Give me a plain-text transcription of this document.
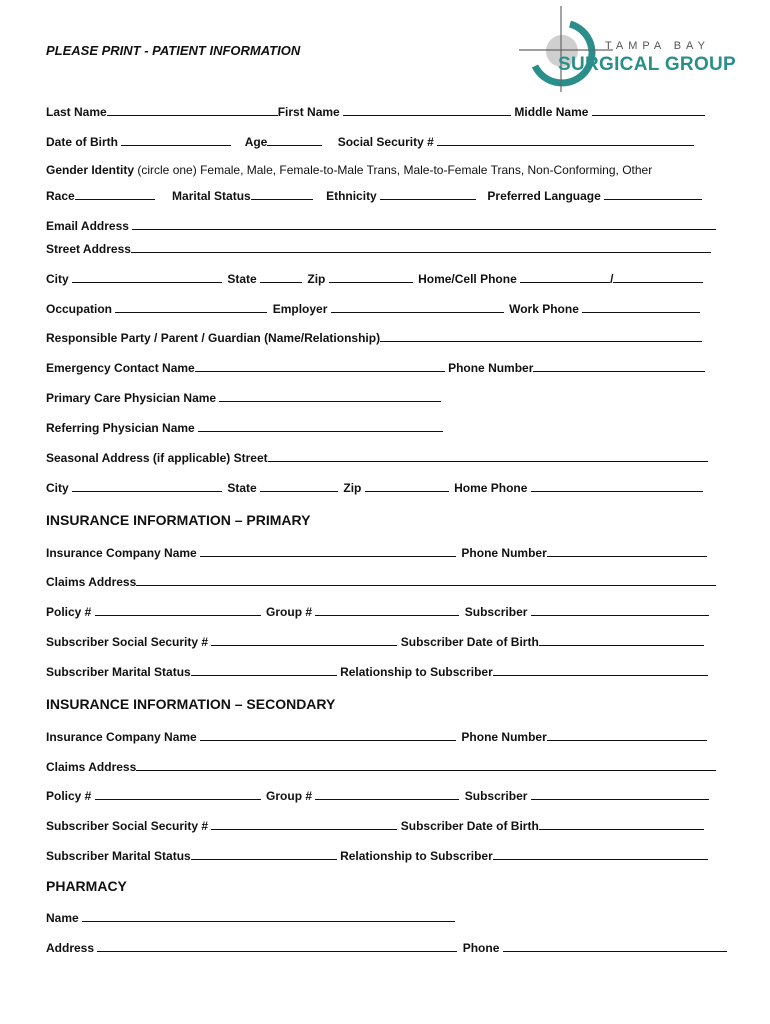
PLEASE PRINT - PATIENT INFORMATION	TAMPA BAY
SURGICAL GROUP
Last Name	First Name	Middle Name
Date of Birth	Age	Social Security #
Gender Identity (circle one) Female, Male, Female-to-Male Trans, Male-to-Female Trans, Non-Conforming, Other
Race	Marital Status	Ethnicity	Preferred Language
Email Address
Street Address
City	State	Zip	Home/Cell Phone	/
Occupation	Employer	Work Phone
Responsible Party / Parent / Guardian (Name/Relationship)
Emergency Contact Name	Phone Number
Primary Care Physician Name
Referring Physician Name
Seasonal Address (if applicable) Street
City	State	Zip	Home Phone
INSURANCE INFORMATION – PRIMARY
Insurance Company Name	Phone Number
Claims Address
Policy #	Group #	Subscriber
Subscriber Social Security #	Subscriber Date of Birth
Subscriber Marital Status	Relationship to Subscriber
INSURANCE INFORMATION – SECONDARY
Insurance Company Name	Phone Number
Claims Address
Policy #	Group #	Subscriber
Subscriber Social Security #	Subscriber Date of Birth
Subscriber Marital Status	Relationship to Subscriber
PHARMACY
Name
Address	Phone
